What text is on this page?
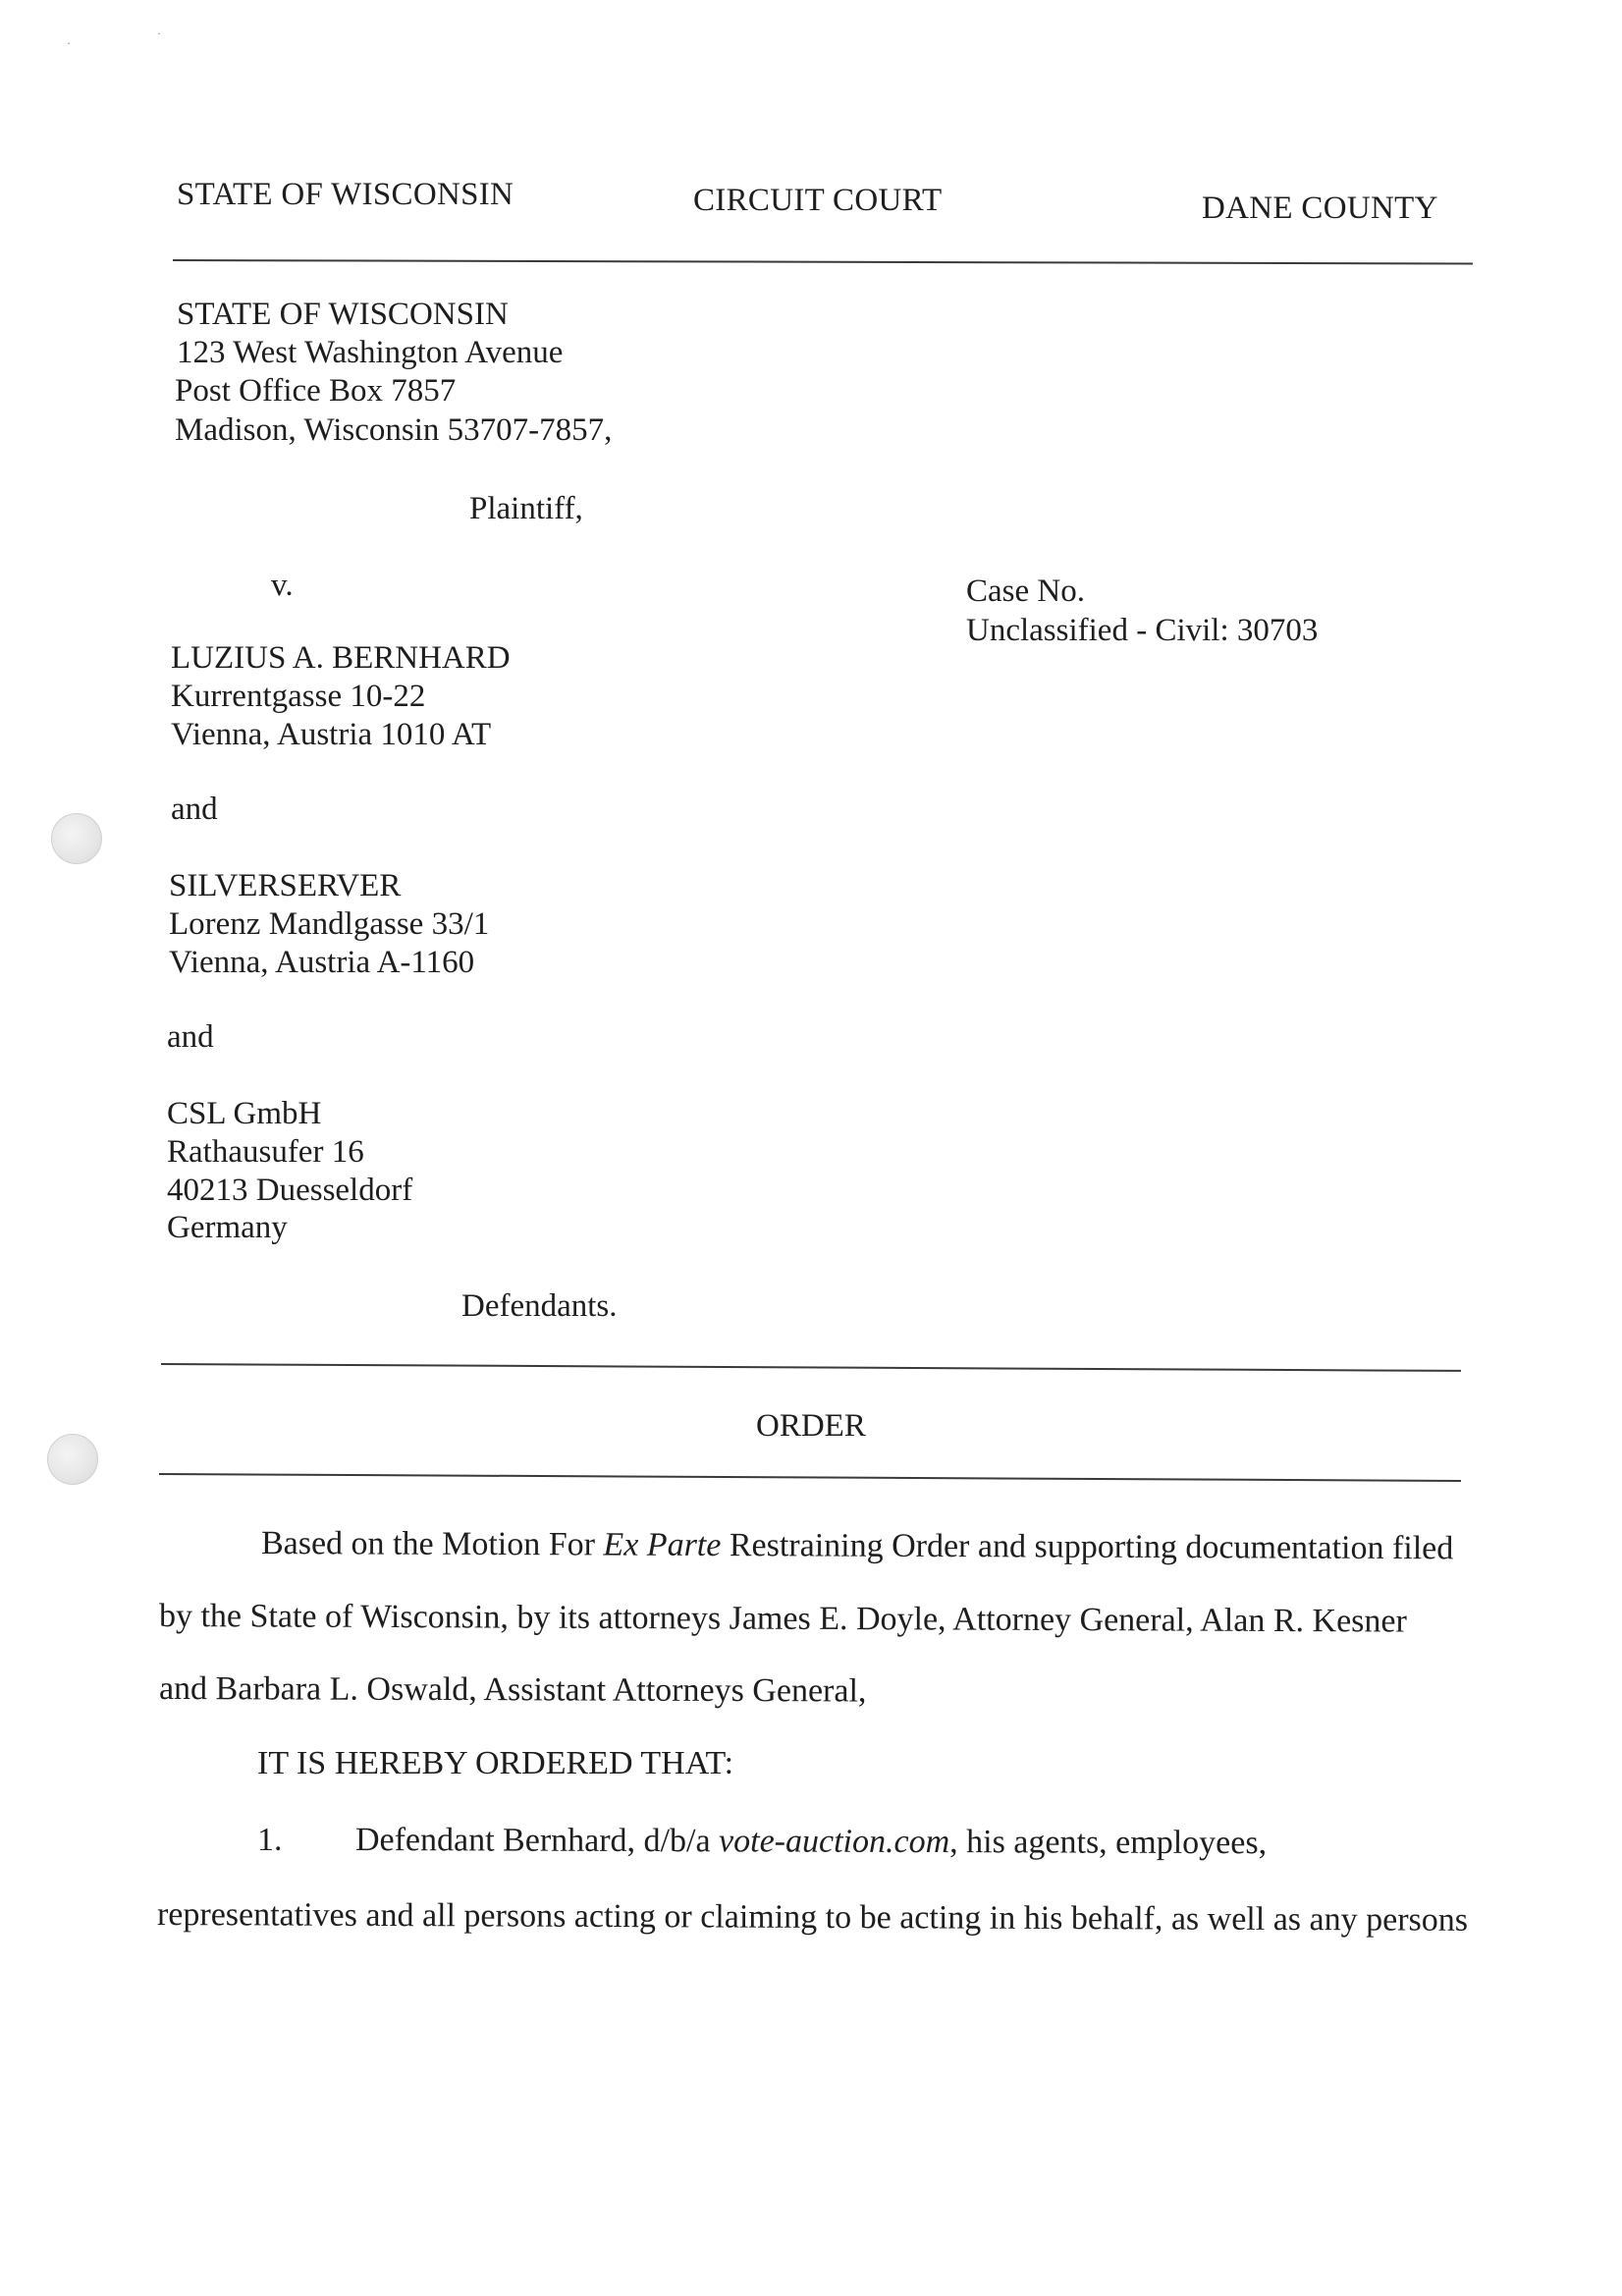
·
·
STATE OF WISCONSIN	CIRCUIT COURT	DANE COUNTY
STATE OF WISCONSIN
123 West Washington Avenue
Post Office Box 7857
Madison, Wisconsin 53707-7857,
Plaintiff,
v.	Case No.
Unclassified - Civil: 30703
LUZIUS A. BERNHARD
Kurrentgasse 10-22
Vienna, Austria 1010 AT
and
SILVERSERVER
Lorenz Mandlgasse 33/1
Vienna, Austria A-1160
and
CSL GmbH
Rathausufer 16
40213 Duesseldorf
Germany
Defendants.
ORDER
Based on the Motion For Ex Parte Restraining Order and supporting documentation filed
by the State of Wisconsin, by its attorneys James E. Doyle, Attorney General, Alan R. Kesner
and Barbara L. Oswald, Assistant Attorneys General,
IT IS HEREBY ORDERED THAT:
1. Defendant Bernhard, d/b/a vote-auction.com, his agents, employees,
representatives and all persons acting or claiming to be acting in his behalf, as well as any persons
